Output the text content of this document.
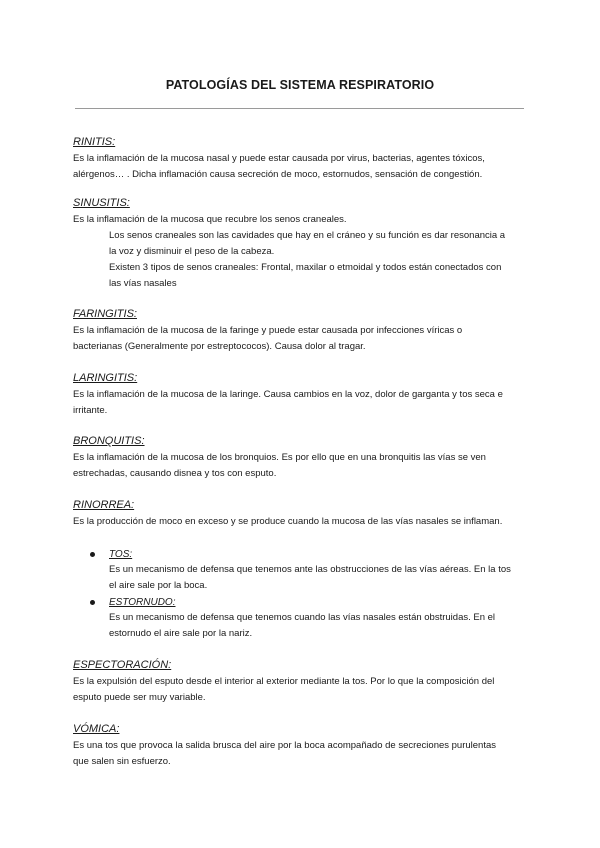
PATOLOGÍAS DEL SISTEMA RESPIRATORIO

RINITIS:

Es la inflamación de la mucosa nasal y puede estar causada por virus, bacterias, agentes tóxicos,

alérgenos… . Dicha inflamación causa secreción de moco, estornudos, sensación de congestión.

SINUSITIS:

Es la inflamación de la mucosa que recubre los senos craneales.

Los senos craneales son las cavidades que hay en el cráneo y su función es dar resonancia a

la voz y disminuir el peso de la cabeza.

Existen 3 tipos de senos craneales: Frontal, maxilar o etmoidal y todos están conectados con

las vías nasales

FARINGITIS:

Es la inflamación de la mucosa de la faringe y puede estar causada por infecciones víricas o

bacterianas (Generalmente por estreptococos). Causa dolor al tragar.

LARINGITIS:

Es la inflamación de la mucosa de la laringe. Causa cambios en la voz, dolor de garganta y tos seca e

irritante.

BRONQUITIS:

Es la inflamación de la mucosa de los bronquios. Es por ello que en una bronquitis las vías se ven

estrechadas, causando disnea y tos con esputo.

RINORREA:

Es la producción de moco en exceso y se produce cuando la mucosa de las vías nasales se inflaman.

TOS:

Es un mecanismo de defensa que tenemos ante las obstrucciones de las vías aéreas. En la tos

el aire sale por la boca.

ESTORNUDO:

Es un mecanismo de defensa que tenemos cuando las vías nasales están obstruidas. En el

estornudo el aire sale por la nariz.

ESPECTORACIÓN:

Es la expulsión del esputo desde el interior al exterior mediante la tos. Por lo que la composición del

esputo puede ser muy variable.

VÓMICA:

Es una tos que provoca la salida brusca del aire por la boca acompañado de secreciones purulentas

que salen sin esfuerzo.
